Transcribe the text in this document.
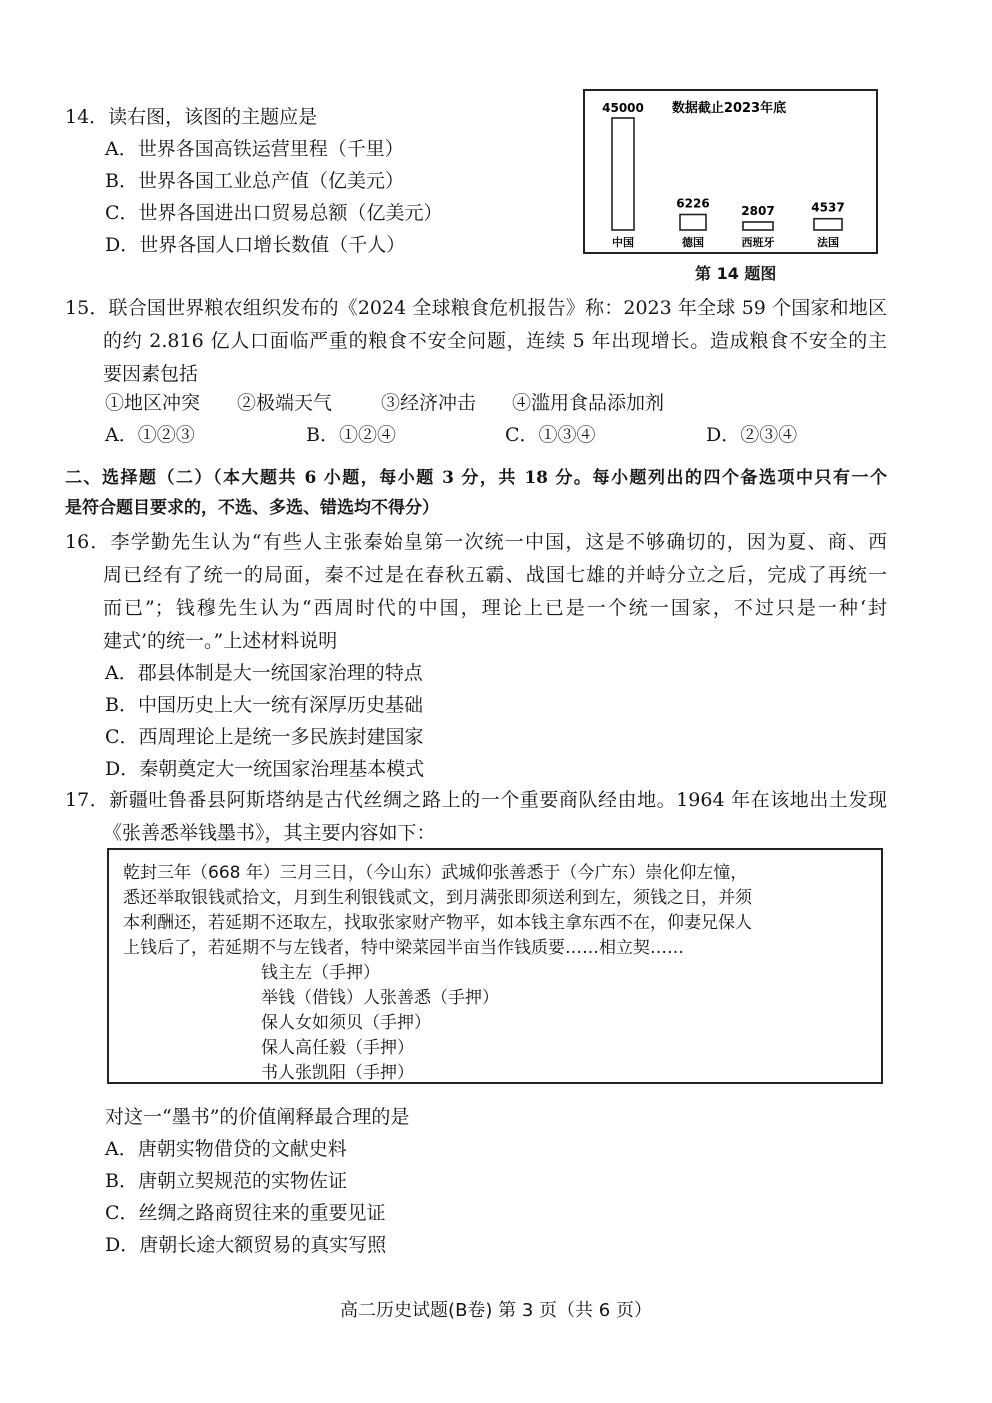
14．读右图，该图的主题应是
A．世界各国高铁运营里程（千里）
B．世界各国工业总产值（亿美元）
C．世界各国进出口贸易总额（亿美元）
D．世界各国人口增长数值（千人）
数据截止2023年底
45000
中国
6226
德国
2807
西班牙
4537
法国
第 14 题图
15．联合国世界粮农组织发布的《2024 全球粮食危机报告》称：2023 年全球 59 个国家和地区
的约 2.816 亿人口面临严重的粮食不安全问题，连续 5 年出现增长。造成粮食不安全的主
要因素包括
①地区冲突 ②极端天气	③经济冲击 ④滥用食品添加剂
A．①②③	B．①②④	C．①③④	D．②③④
二、选择题（二）（本大题共 6 小题，每小题 3 分，共 18 分。每小题列出的四个备选项中只有一个
是符合题目要求的，不选、多选、错选均不得分）
16．李学勤先生认为“有些人主张秦始皇第一次统一中国，这是不够确切的，因为夏、商、西
周已经有了统一的局面，秦不过是在春秋五霸、战国七雄的并峙分立之后，完成了再统一
而已”；钱穆先生认为“西周时代的中国，理论上已是一个统一国家，不过只是一种‘封
建式’的统一。”上述材料说明
A．郡县体制是大一统国家治理的特点
B．中国历史上大一统有深厚历史基础
C．西周理论上是统一多民族封建国家
D．秦朝奠定大一统国家治理基本模式
17．新疆吐鲁番县阿斯塔纳是古代丝绸之路上的一个重要商队经由地。1964 年在该地出土发现
《张善悉举钱墨书》，其主要内容如下：
乾封三年（668 年）三月三日，（今山东）武城仰张善悉于（今广东）崇化仰左憧，
悉还举取银钱贰拾文，月到生利银钱贰文，到月满张即须送利到左，须钱之日，并须
本利酬还，若延期不还取左，找取张家财产物平，如本钱主拿东西不在，仰妻兄保人
上钱后了，若延期不与左钱者，特中梁菜园半亩当作钱质要……相立契……
钱主左（手押）
举钱（借钱）人张善悉（手押）
保人女如须贝（手押）
保人高任毅（手押）
书人张凯阳（手押）
对这一“墨书”的价值阐释最合理的是
A．唐朝实物借贷的文献史料
B．唐朝立契规范的实物佐证
C．丝绸之路商贸往来的重要见证
D．唐朝长途大额贸易的真实写照
高二历史试题(B卷) 第 3 页（共 6 页）
